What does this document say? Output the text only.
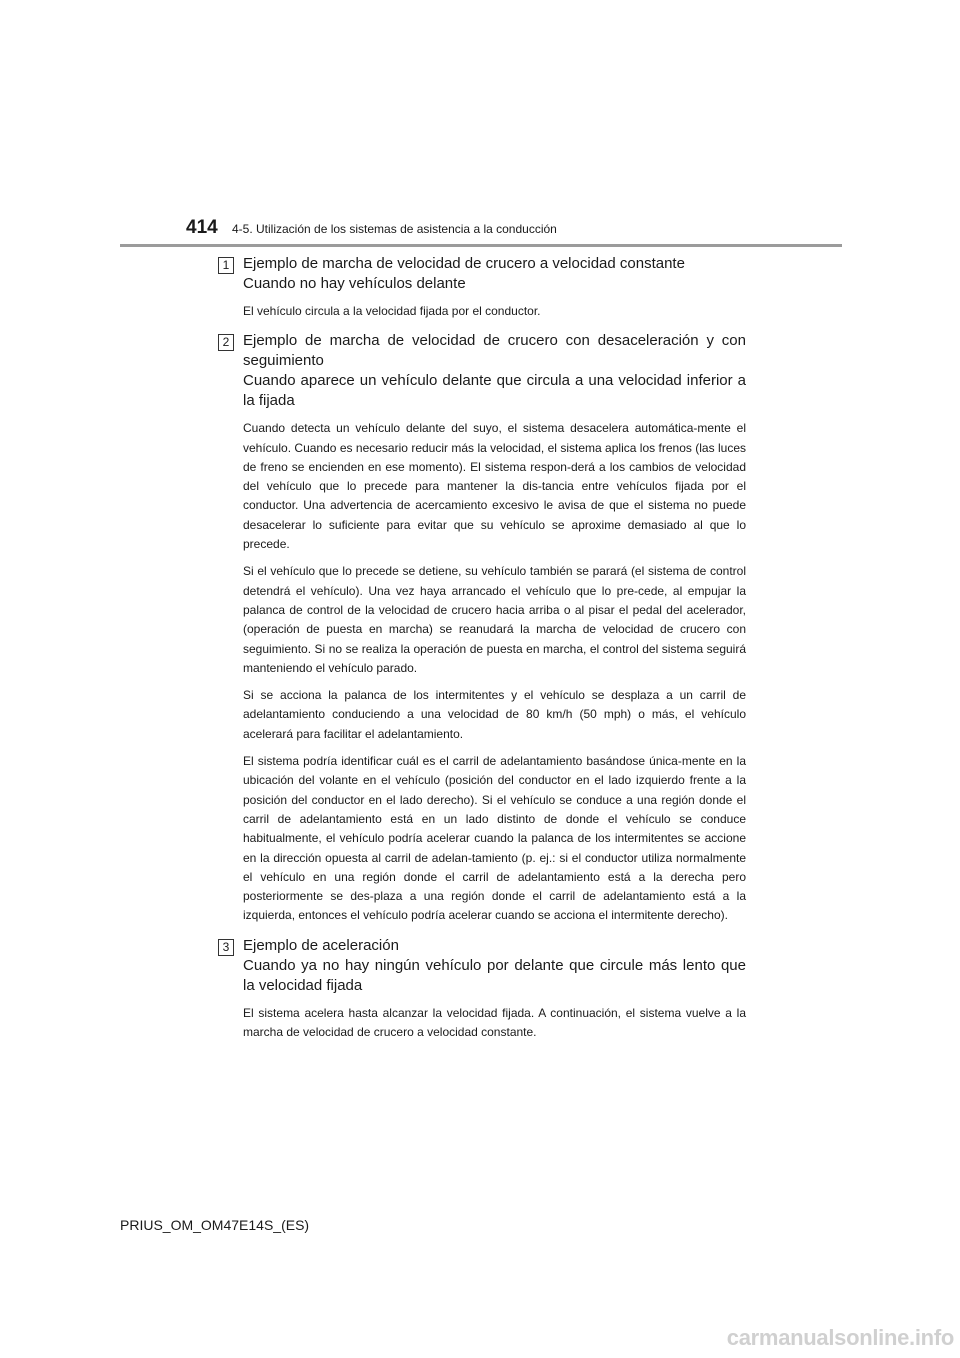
414 4-5. Utilización de los sistemas de asistencia a la conducción
1 Ejemplo de marcha de velocidad de crucero a velocidad constante
Cuando no hay vehículos delante

El vehículo circula a la velocidad fijada por el conductor.

2 Ejemplo de marcha de velocidad de crucero con desaceleración y con
seguimiento
Cuando aparece un vehículo delante que circula a una velocidad inferior a
la fijada

Cuando detecta un vehículo delante del suyo, el sistema desacelera automática-mente el vehículo. Cuando es necesario reducir más la velocidad, el sistema aplica los frenos (las luces de freno se encienden en ese momento). El sistema respon-derá a los cambios de velocidad del vehículo que lo precede para mantener la dis-tancia entre vehículos fijada por el conductor. Una advertencia de acercamiento excesivo le avisa de que el sistema no puede desacelerar lo suficiente para evitar que su vehículo se aproxime demasiado al que lo precede.

Si el vehículo que lo precede se detiene, su vehículo también se parará (el sistema de control detendrá el vehículo). Una vez haya arrancado el vehículo que lo pre-cede, al empujar la palanca de control de la velocidad de crucero hacia arriba o al pisar el pedal del acelerador, (operación de puesta en marcha) se reanudará la marcha de velocidad de crucero con seguimiento. Si no se realiza la operación de puesta en marcha, el control del sistema seguirá manteniendo el vehículo parado.

Si se acciona la palanca de los intermitentes y el vehículo se desplaza a un carril de adelantamiento conduciendo a una velocidad de 80 km/h (50 mph) o más, el vehículo acelerará para facilitar el adelantamiento.

El sistema podría identificar cuál es el carril de adelantamiento basándose única-mente en la ubicación del volante en el vehículo (posición del conductor en el lado izquierdo frente a la posición del conductor en el lado derecho). Si el vehículo se conduce a una región donde el carril de adelantamiento está en un lado distinto de donde el vehículo se conduce habitualmente, el vehículo podría acelerar cuando la palanca de los intermitentes se accione en la dirección opuesta al carril de adelan-tamiento (p. ej.: si el conductor utiliza normalmente el vehículo en una región donde el carril de adelantamiento está a la derecha pero posteriormente se des-plaza a una región donde el carril de adelantamiento está a la izquierda, entonces el vehículo podría acelerar cuando se acciona el intermitente derecho).

3 Ejemplo de aceleración
Cuando ya no hay ningún vehículo por delante que circule más lento que
la velocidad fijada

El sistema acelera hasta alcanzar la velocidad fijada. A continuación, el sistema vuelve a la marcha de velocidad de crucero a velocidad constante.

PRIUS_OM_OM47E14S_(ES)
carmanualsonline.info
